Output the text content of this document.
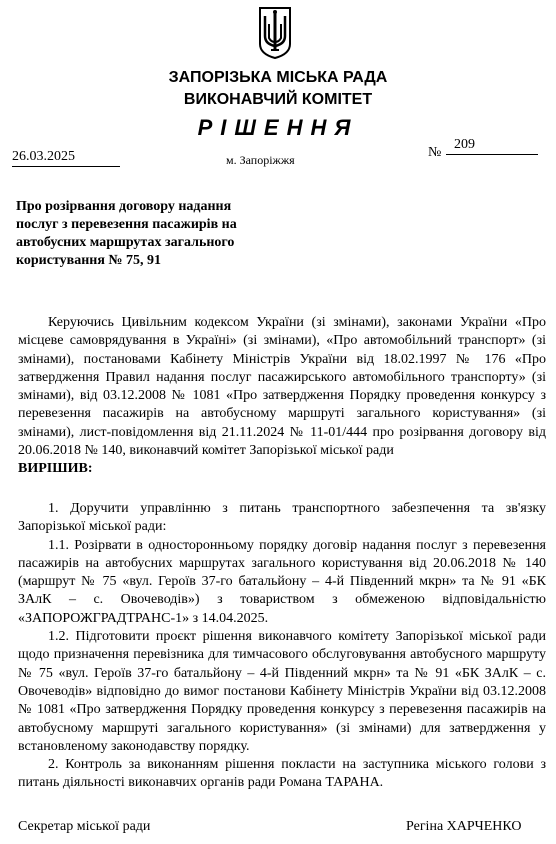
ЗАПОРІЗЬКА МІСЬКА РАДА
ВИКОНАВЧИЙ КОМІТЕТ
РІШЕННЯ
26.03.2025	м. Запоріжжя	№
209
Про розірвання договору надання послуг з перевезення пасажирів на автобусних маршрутах загального користування № 75, 91
Керуючись Цивільним кодексом України (зі змінами), законами України «Про місцеве самоврядування в Україні» (зі змінами), «Про автомобільний транспорт» (зі змінами), постановами Кабінету Міністрів України від 18.02.1997 № 176 «Про затвердження Правил надання послуг пасажирського автомобільного транспорту» (зі змінами), від 03.12.2008 № 1081 «Про затвердження Порядку проведення конкурсу з перевезення пасажирів на автобусному маршруті загального користування» (зі змінами), лист-повідомлення від 21.11.2024 № 11-01/444 про розірвання договору від 20.06.2018 № 140, виконавчий комітет Запорізької міської ради
ВИРІШИВ:

1. Доручити управлінню з питань транспортного забезпечення та зв'язку Запорізької міської ради:

1.1. Розірвати в односторонньому порядку договір надання послуг з перевезення пасажирів на автобусних маршрутах загального користування від 20.06.2018 № 140 (маршрут № 75 «вул. Героїв 37-го батальйону – 4-й Південний мкрн» та № 91 «БК ЗАлК – с. Овочеводів») з товариством з обмеженою відповідальністю «ЗАПОРОЖГРАДТРАНС-1» з 14.04.2025.

1.2. Підготовити проєкт рішення виконавчого комітету Запорізької міської ради щодо призначення перевізника для тимчасового обслуговування автобусного маршруту № 75 «вул. Героїв 37-го батальйону – 4-й Південний мкрн» та № 91 «БК ЗАлК – с. Овочеводів» відповідно до вимог постанови Кабінету Міністрів України від 03.12.2008 № 1081 «Про затвердження Порядку проведення конкурсу з перевезення пасажирів на автобусному маршруті загального користування» (зі змінами) для затвердження у встановленому законодавству порядку.

2. Контроль за виконанням рішення покласти на заступника міського голови з питань діяльності виконавчих органів ради Романа ТАРАНА.

Секретар міської ради	Регіна ХАРЧЕНКО
